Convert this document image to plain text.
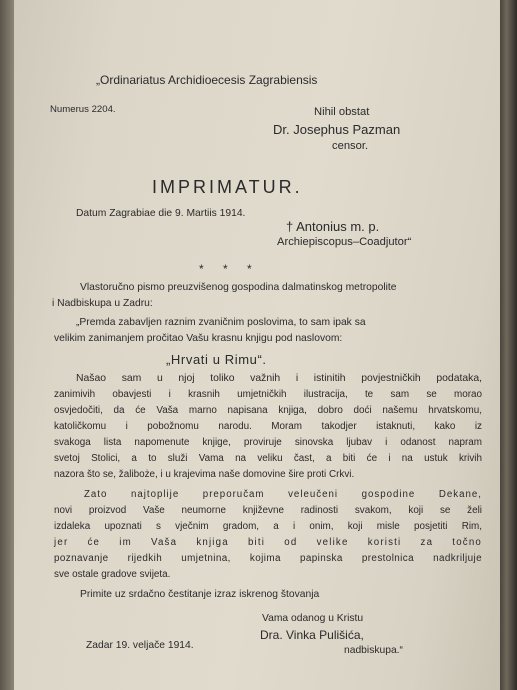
„Ordinariatus Archidioecesis Zagrabiensis
Numerus 2204.	Nihil obstat
Dr. Josephus Pazman
censor.
IMPRIMATUR.
Datum Zagrabiae die 9. Martiis 1914.
† Antonius m. p.
Archiepiscopus–Coadjutor“
* * *
Vlastoručno pismo preuzvišenog gospodina dalmatinskog metropolite
i Nadbiskupa u Zadru:
„Premda zabavljen raznim zvaničnim poslovima, to sam ipak sa
velikim zanimanjem pročitao Vašu krasnu knjigu pod naslovom:
„Hrvati u Rimu“.
Našao sam u njoj toliko važnih i istinitih povjestničkih podataka,
zanimivih obavjesti i krasnih umjetničkih ilustracija, te sam se morao
osvjedočiti, da će Vaša marno napisana knjiga, dobro doći našemu hrvatskomu,
katoličkomu i pobožnomu narodu. Moram takodjer istaknuti, kako iz
svakoga lista napomenute knjige, proviruje sinovska ljubav i odanost napram
svetoj Stolici, a to služi Vama na veliku čast, a biti će i na ustuk krivih
nazora što se, žaliboże, i u krajevima naše domovine šire proti Crkvi.
Zato najtoplije preporučam veleučeni gospodine Dekane,
novi proizvod Vaše neumorne književne radinosti svakom, koji se želi
izdaleka upoznati s vječnim gradom, a i onim, koji misle posjetiti Rim,
jer će im Vaša knjiga biti od velike koristi za točno
poznavanje rijedkih umjetnina, kojima papinska prestolnica nadkriljuje
sve ostale gradove svijeta.
Primite uz srdačno čestitanje izraz iskrenog štovanja
Vama odanog u Kristu
Dra. Vinka Pulišića,
Zadar 19. veljače 1914.	nadbiskupa.“
